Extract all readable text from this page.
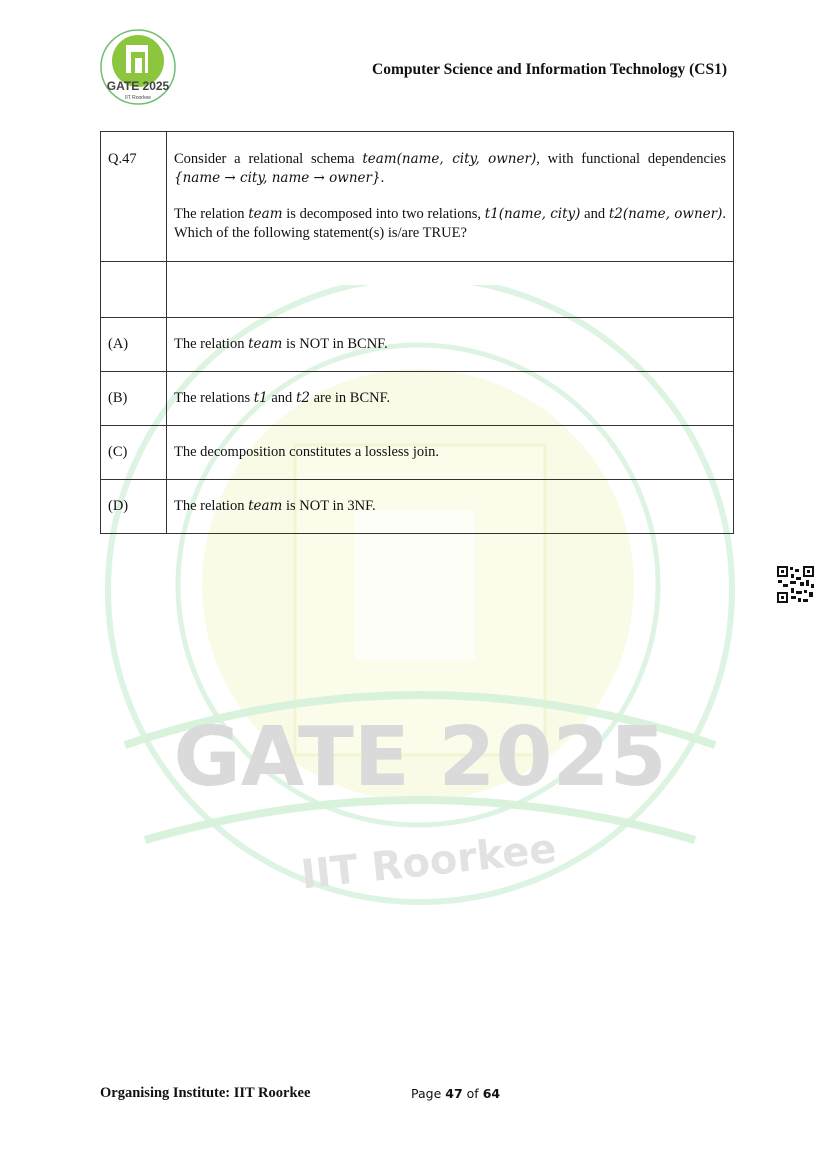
GATE 2025
IIT Roorkee
Computer Science and Information Technology (CS1)
GATE 2025
IIT Roorkee
Q.47	Consider a relational schema team(name, city, owner), with functional dependencies {name → city, name → owner}.

The relation team is decomposed into two relations, t1(name, city) and t2(name, owner). Which of the following statement(s) is/are TRUE?

(A)	The relation team is NOT in BCNF.
(B)	The relations t1 and t2 are in BCNF.
(C)	The decomposition constitutes a lossless join.
(D)	The relation team is NOT in 3NF.
Organising Institute: IIT Roorkee	Page 47 of 64
